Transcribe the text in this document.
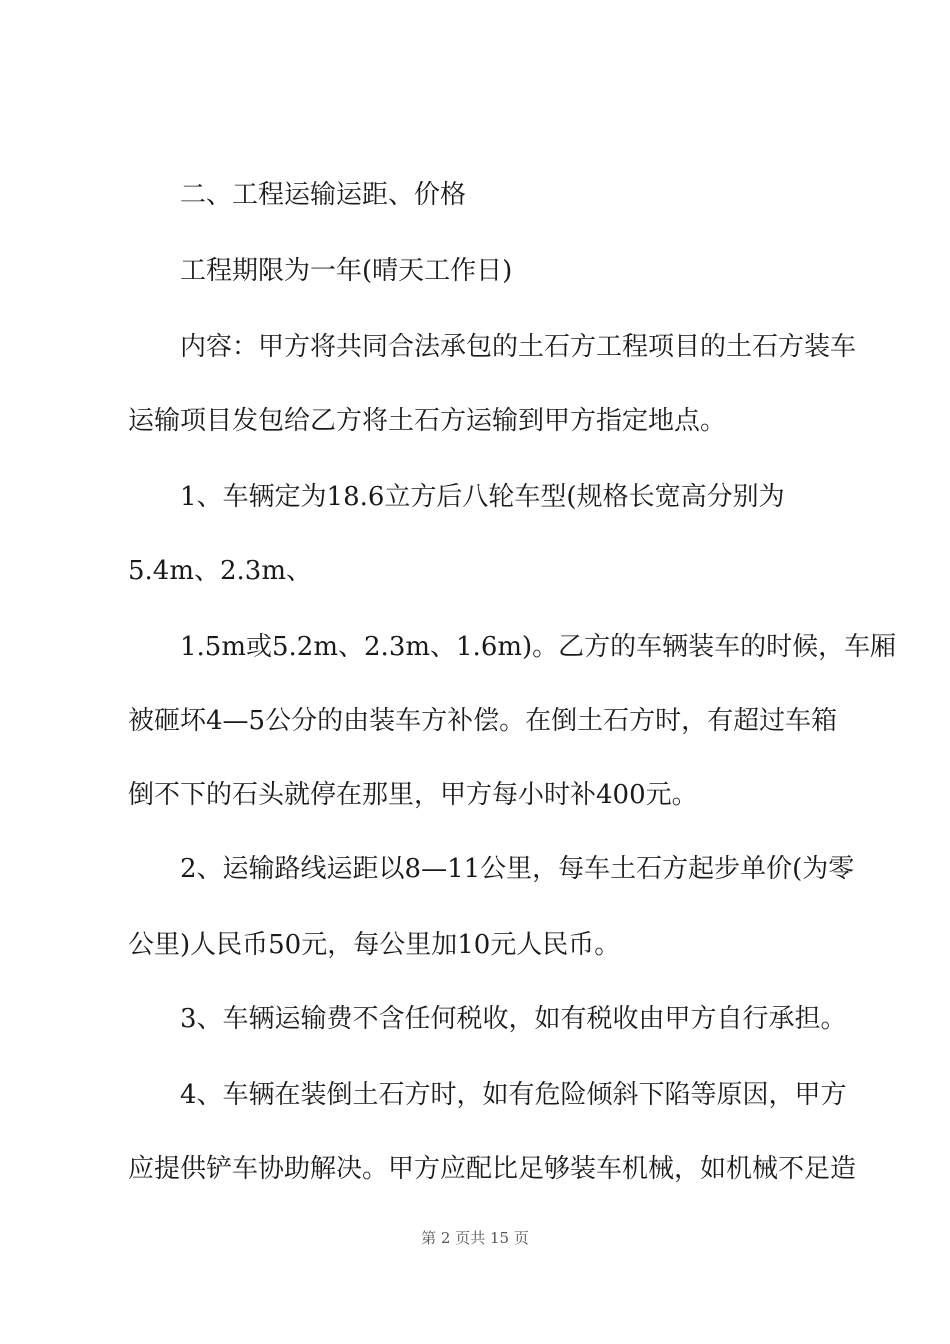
二、工程运输运距、价格
工程期限为一年(晴天工作日)
内容：甲方将共同合法承包的土石方工程项目的土石方装车
运输项目发包给乙方将土石方运输到甲方指定地点。
1、车辆定为18.6立方后八轮车型(规格长宽高分别为
5.4m、2.3m、
1.5m或5.2m、2.3m、1.6m)。乙方的车辆装车的时候，车厢
被砸坏4—5公分的由装车方补偿。在倒土石方时，有超过车箱
倒不下的石头就停在那里，甲方每小时补400元。
2、运输路线运距以8—11公里，每车土石方起步单价(为零
公里)人民币50元，每公里加10元人民币。
3、车辆运输费不含任何税收，如有税收由甲方自行承担。
4、车辆在装倒土石方时，如有危险倾斜下陷等原因，甲方
应提供铲车协助解决。甲方应配比足够装车机械，如机械不足造
第 2 页共 15 页
